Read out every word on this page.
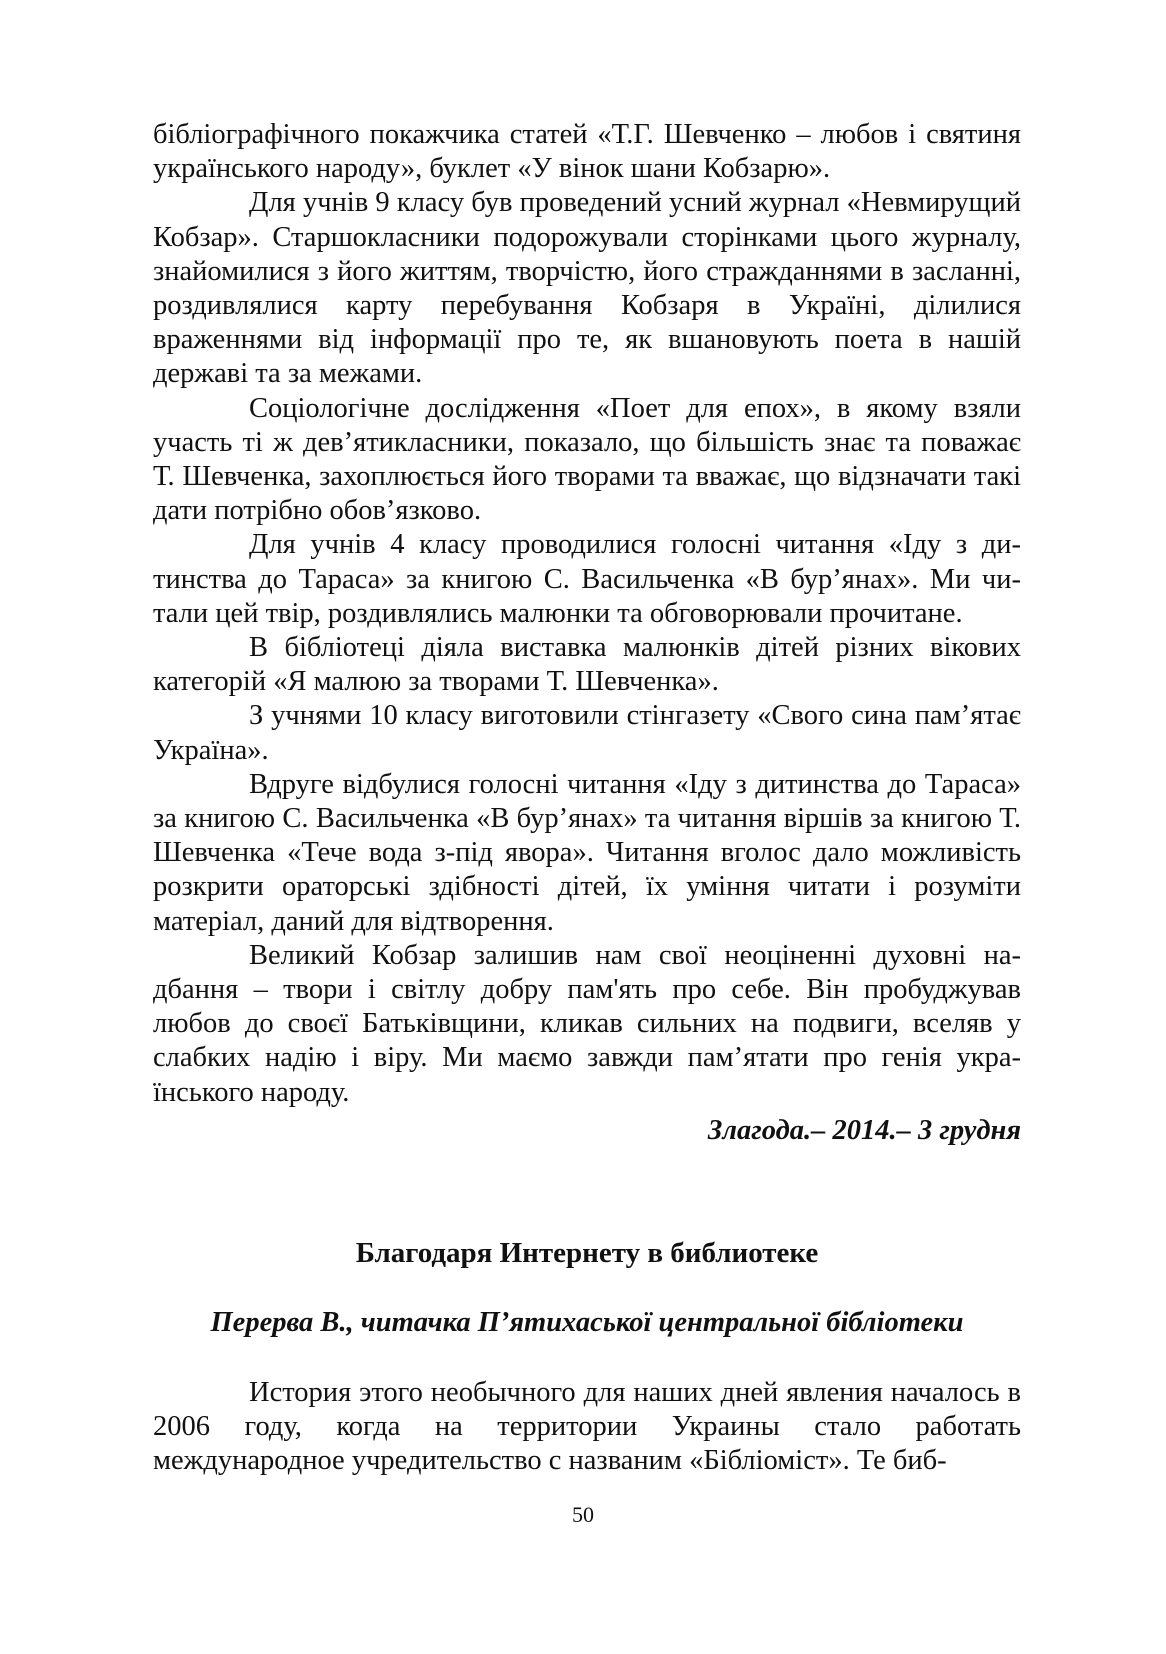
бібліографічного покажчика статей «Т.Г. Шевченко – любов і святиня українського народу», буклет «У вінок шани Кобзарю».

Для учнів 9 класу був проведений усний журнал «Невмирущий Кобзар». Старшокласники подорожували сторінками цього журналу, знайомилися з його життям, творчістю, його стражданнями в засланні, роздивлялися карту перебування Кобзаря в Україні, ділилися враженнями від інформації про те, як вшановують поета в нашій державі та за межами.

Соціологічне дослідження «Поет для епох», в якому взяли участь ті ж дев’ятикласники, показало, що більшість знає та поважає Т. Шевченка, захоплюється його творами та вважає, що відзначати такі дати потрібно обов’язково.

Для учнів 4 класу проводилися голосні читання «Іду з дитинства до Тараса» за книгою С. Васильченка «В бур’янах». Ми читали цей твір, роздивлялись малюнки та обговорювали прочитане.

В бібліотеці діяла виставка малюнків дітей різних вікових категорій «Я малюю за творами Т. Шевченка».

З учнями 10 класу виготовили стінгазету «Свого сина пам’ятає Україна».

Вдруге відбулися голосні читання «Іду з дитинства до Тараса» за книгою С. Васильченка «В бур’янах» та читання віршів за книгою Т. Шевченка «Тече вода з-під явора». Читання вголос дало можливість розкрити ораторські здібності дітей, їх уміння читати і розуміти матеріал, даний для відтворення.

Великий Кобзар залишив нам свої неоціненні духовні надбання – твори і світлу добру пам'ять про себе. Він пробуджував любов до своєї Батьківщини, кликав сильних на подвиги, вселяв у слабких надію і віру. Ми маємо завжди пам’ятати про генія українського народу.

Злагода.– 2014.– 3 грудня

Благодаря Интернету в библиотеке

Перерва В., читачка П’ятихаської центральної бібліотеки

История этого необычного для наших дней явления началось в 2006 году, когда на территории Украины стало работать международное учредительство с названим «Бібліоміст». Те биб-

50
